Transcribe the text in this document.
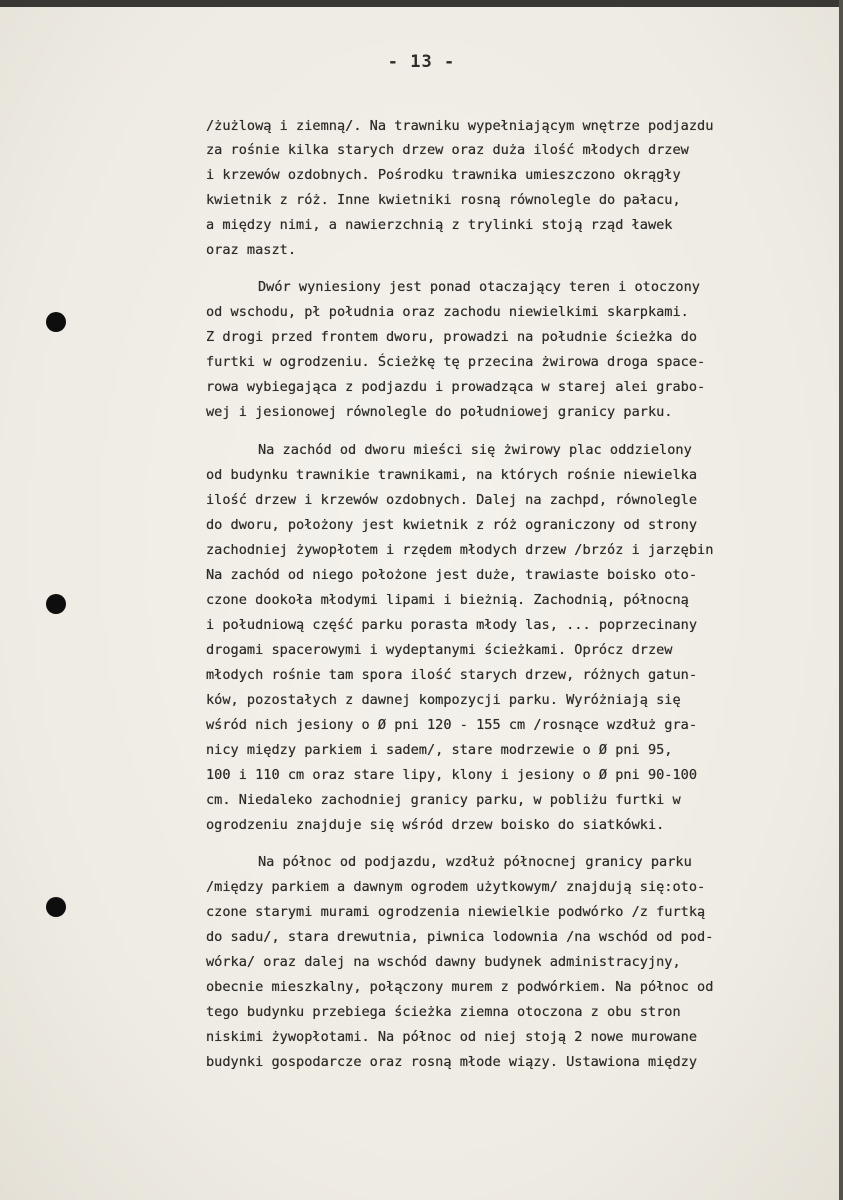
- 13 -
/żużlową i ziemną/. Na trawniku wypełniającym wnętrze podjazdu
za rośnie kilka starych drzew oraz duża ilość młodych drzew
i krzewów ozdobnych. Pośrodku trawnika umieszczono okrągły
kwietnik z róż. Inne kwietniki rosną równolegle do pałacu,
a między nimi, a nawierzchnią z trylinki stoją rząd ławek
oraz maszt.
Dwór wyniesiony jest ponad otaczający teren i otoczony
od wschodu, pł południa oraz zachodu niewielkimi skarpkami.
Z drogi przed frontem dworu, prowadzi na południe ścieżka do
furtki w ogrodzeniu. Ścieżkę tę przecina żwirowa droga space-
rowa wybiegająca z podjazdu i prowadząca w starej alei grabo-
wej i jesionowej równolegle do południowej granicy parku.
Na zachód od dworu mieści się żwirowy plac oddzielony
od budynku trawnikie trawnikami, na których rośnie niewielka
ilość drzew i krzewów ozdobnych. Dalej na zachpd, równolegle
do dworu, położony jest kwietnik z róż ograniczony od strony
zachodniej żywopłotem i rzędem młodych drzew /brzóz i jarzębin
Na zachód od niego położone jest duże, trawiaste boisko oto-
czone dookoła młodymi lipami i bieżnią. Zachodnią, północną
i południową część parku porasta młody las, ... poprzecinany
drogami spacerowymi i wydeptanymi ścieżkami. Oprócz drzew
młodych rośnie tam spora ilość starych drzew, różnych gatun-
ków, pozostałych z dawnej kompozycji parku. Wyróżniają się
wśród nich jesiony o Ø pni 120 - 155 cm /rosnące wzdłuż gra-
nicy między parkiem i sadem/, stare modrzewie o Ø pni 95,
100 i 110 cm oraz stare lipy, klony i jesiony o Ø pni 90-100
cm. Niedaleko zachodniej granicy parku, w pobliżu furtki w
ogrodzeniu znajduje się wśród drzew boisko do siatkówki.
Na północ od podjazdu, wzdłuż północnej granicy parku
/między parkiem a dawnym ogrodem użytkowym/ znajdują się:oto-
czone starymi murami ogrodzenia niewielkie podwórko /z furtką
do sadu/, stara drewutnia, piwnica lodownia /na wschód od pod-
wórka/ oraz dalej na wschód dawny budynek administracyjny,
obecnie mieszkalny, połączony murem z podwórkiem. Na północ od
tego budynku przebiega ścieżka ziemna otoczona z obu stron
niskimi żywopłotami. Na północ od niej stoją 2 nowe murowane
budynki gospodarcze oraz rosną młode wiązy. Ustawiona między
